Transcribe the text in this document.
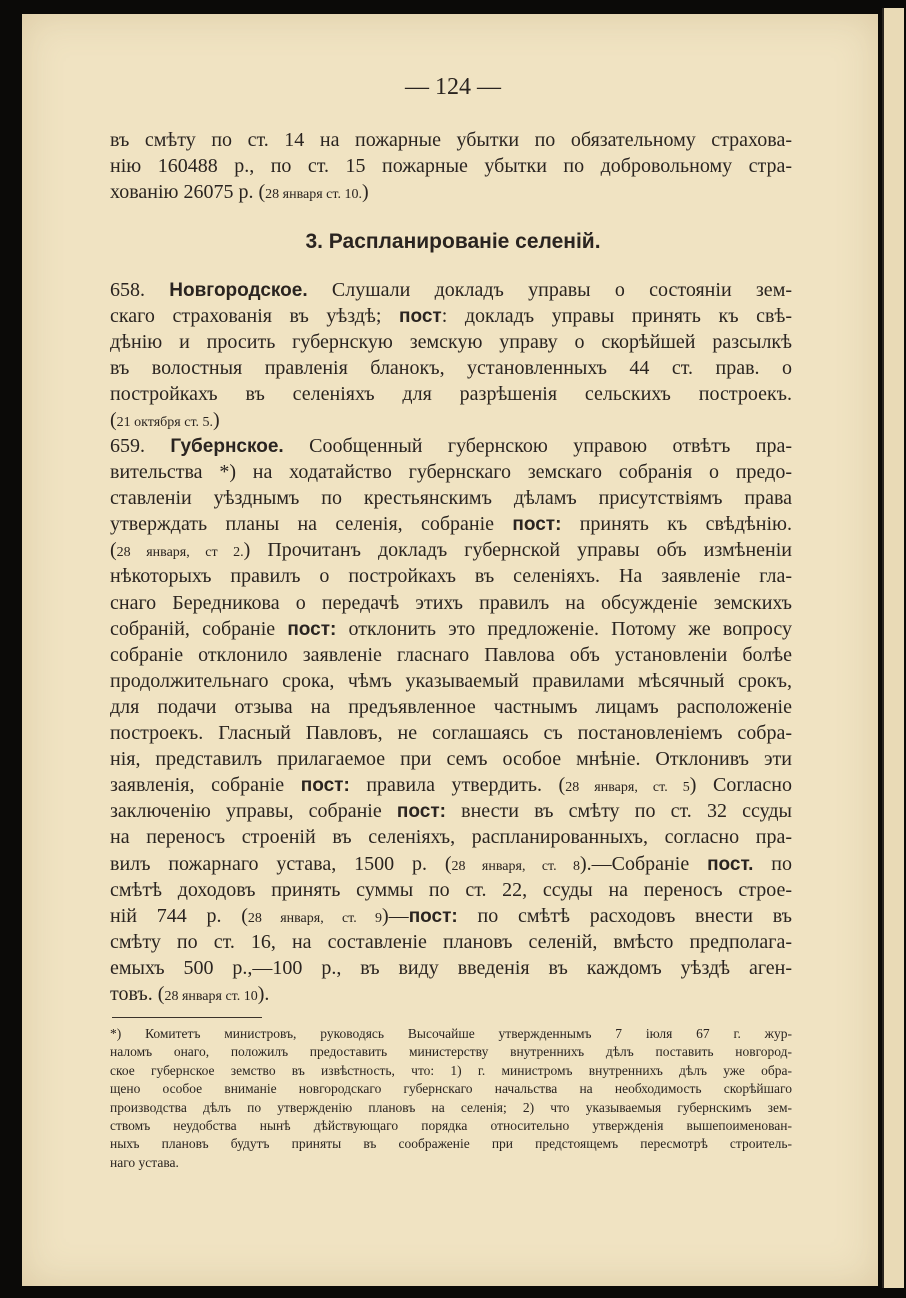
— 124 —
въ смѣту по ст. 14 на пожарные убытки по обязательному страхова-
нію 160488 р., по ст. 15 пожарные убытки по добровольному стра-
хованію 26075 р. (28 января ст. 10.)
3. Распланированіе селеній.
658. Новгородское. Слушали докладъ управы о состояніи зем-
скаго страхованія въ уѣздѣ; пост: докладъ управы принять къ свѣ-
дѣнію и просить губернскую земскую управу о скорѣйшей разсылкѣ
въ волостныя правленія бланокъ, установленныхъ 44 ст. прав. о
постройкахъ въ селеніяхъ для разрѣшенія сельскихъ построекъ.
(21 октября ст. 5.)
659. Губернское. Сообщенный губернскою управою отвѣтъ пра-
вительства *) на ходатайство губернскаго земскаго собранія о предо-
ставленіи уѣзднымъ по крестьянскимъ дѣламъ присутствіямъ права
утверждать планы на селенія, собраніе пост: принять къ свѣдѣнію.
(28 января, ст 2.) Прочитанъ докладъ губернской управы объ измѣненіи
нѣкоторыхъ правилъ о постройкахъ въ селеніяхъ. На заявленіе гла-
снаго Бередникова о передачѣ этихъ правилъ на обсужденіе земскихъ
собраній, собраніе пост: отклонить это предложеніе. Потому же вопросу
собраніе отклонило заявленіе гласнаго Павлова объ установленіи болѣе
продолжительнаго срока, чѣмъ указываемый правилами мѣсячный срокъ,
для подачи отзыва на предъявленное частнымъ лицамъ расположеніе
построекъ. Гласный Павловъ, не соглашаясь съ постановленіемъ собра-
нія, представилъ прилагаемое при семъ особое мнѣніе. Отклонивъ эти
заявленія, собраніе пост: правила утвердить. (28 января, ст. 5) Согласно
заключенію управы, собраніе пост: внести въ смѣту по ст. 32 ссуды
на переносъ строеній въ селеніяхъ, распланированныхъ, согласно пра-
вилъ пожарнаго устава, 1500 р. (28 января, ст. 8).—Собраніе пост. по
смѣтѣ доходовъ принять суммы по ст. 22, ссуды на переносъ строе-
ній 744 р. (28 января, ст. 9)—пост: по смѣтѣ расходовъ внести въ
смѣту по ст. 16, на составленіе плановъ селеній, вмѣсто предполага-
емыхъ 500 р.,—100 р., въ виду введенія въ каждомъ уѣздѣ аген-
товъ. (28 января ст. 10).
*) Комитетъ министровъ, руководясь Высочайше утвержденнымъ 7 іюля 67 г. жур-
наломъ онаго, положилъ предоставить министерству внутреннихъ дѣлъ поставить новгород-
ское губернское земство въ извѣстность, что: 1) г. министромъ внутреннихъ дѣлъ уже обра-
щено особое вниманіе новгородскаго губернскаго начальства на необходимость скорѣйшаго
производства дѣлъ по утвержденію плановъ на селенія; 2) что указываемыя губернскимъ зем-
ствомъ неудобства нынѣ дѣйствующаго порядка относительно утвержденія вышепоименован-
ныхъ плановъ будутъ приняты въ соображеніе при предстоящемъ пересмотрѣ строитель-
наго устава.
